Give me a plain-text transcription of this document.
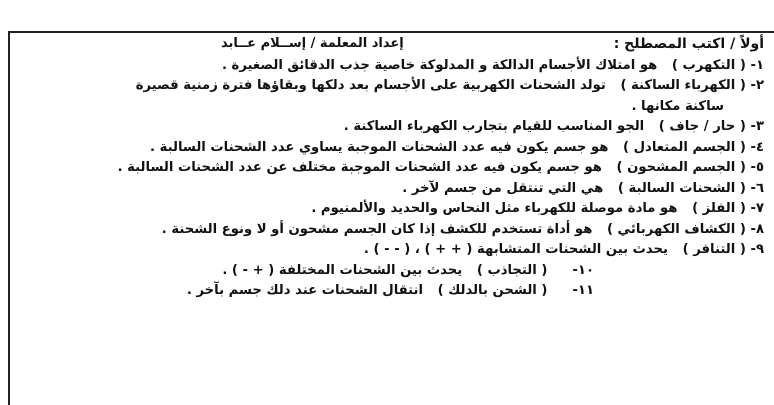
أولاً / اكتب المصطلح :
إعداد المعلمة / إســلام عــابد
١- ( التكهرب ) هو امتلاك الأجسام الدالكة و المدلوكة خاصية جذب الدقائق الصغيرة .
٢- ( الكهرباء الساكنة ) تولد الشحنات الكهربية على الأجسام بعد دلكها وبقاؤها فترة زمنية قصيرة
ساكنة مكانها .
٣- ( حار / جاف ) الجو المناسب للقيام بتجارب الكهرباء الساكنة .
٤- ( الجسم المتعادل ) هو جسم يكون فيه عدد الشحنات الموجبة يساوي عدد الشحنات السالبة .
٥- ( الجسم المشحون ) هو جسم يكون فيه عدد الشحنات الموجبة مختلف عن عدد الشحنات السالبة .
٦- ( الشحنات السالبة ) هي التي تنتقل من جسم لآخر .
٧- ( الفلز ) هو مادة موصلة للكهرباء مثل النحاس والحديد والألمنيوم .
٨- ( الكشاف الكهربائي ) هو أداة تستخدم للكشف إذا كان الجسم مشحون أو لا ونوع الشحنة .
٩- ( التنافر ) يحدث بين الشحنات المتشابهة ( + + ) ، ( - - ) .
١٠- ( التجاذب ) يحدث بين الشحنات المختلفة ( + - ) .
١١- ( الشحن بالدلك ) انتقال الشحنات عند دلك جسم بآخر .
